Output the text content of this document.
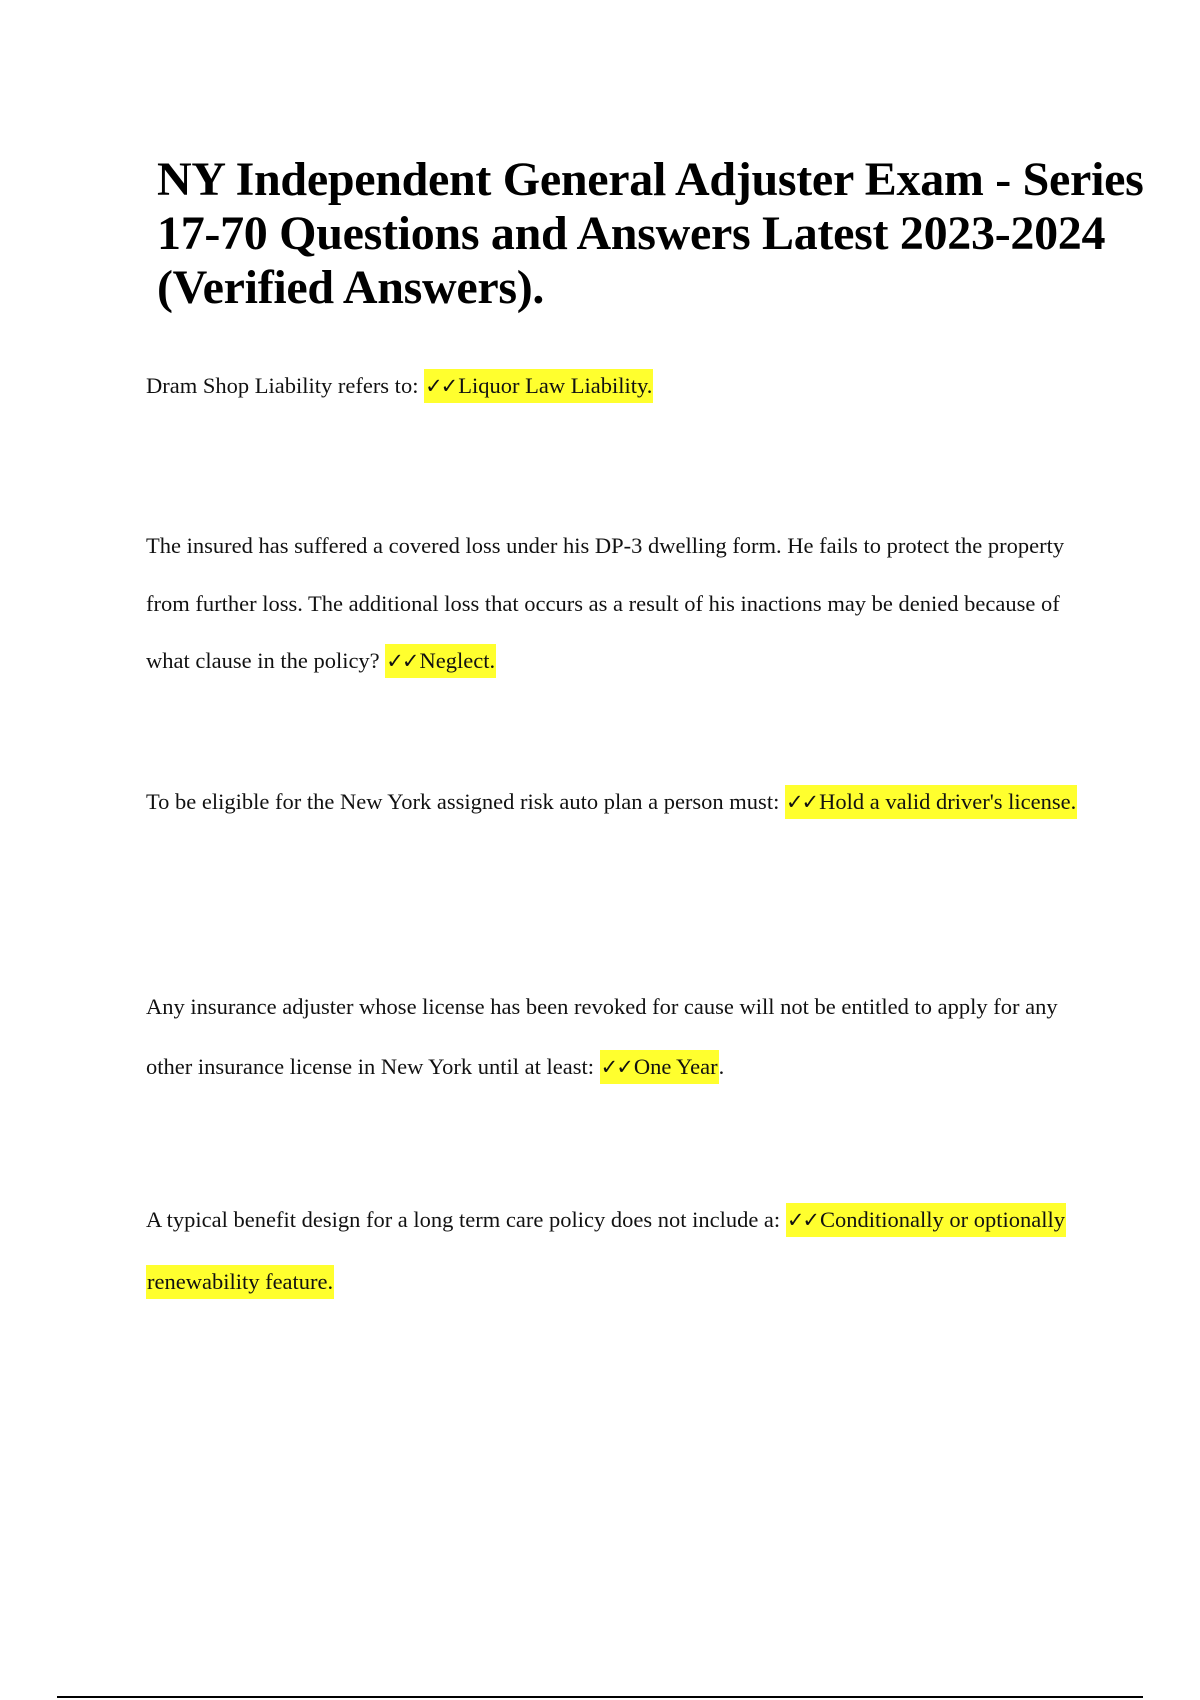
NY Independent General Adjuster Exam - Series 17-70 Questions and Answers Latest 2023-2024 (Verified Answers).

Dram Shop Liability refers to: ✓✓Liquor Law Liability.

The insured has suffered a covered loss under his DP-3 dwelling form. He fails to protect the property from further loss. The additional loss that occurs as a result of his inactions may be denied because of what clause in the policy? ✓✓Neglect.

To be eligible for the New York assigned risk auto plan a person must: ✓✓Hold a valid driver's license.

Any insurance adjuster whose license has been revoked for cause will not be entitled to apply for any other insurance license in New York until at least: ✓✓One Year.

A typical benefit design for a long term care policy does not include a: ✓✓Conditionally or optionally renewability feature.
